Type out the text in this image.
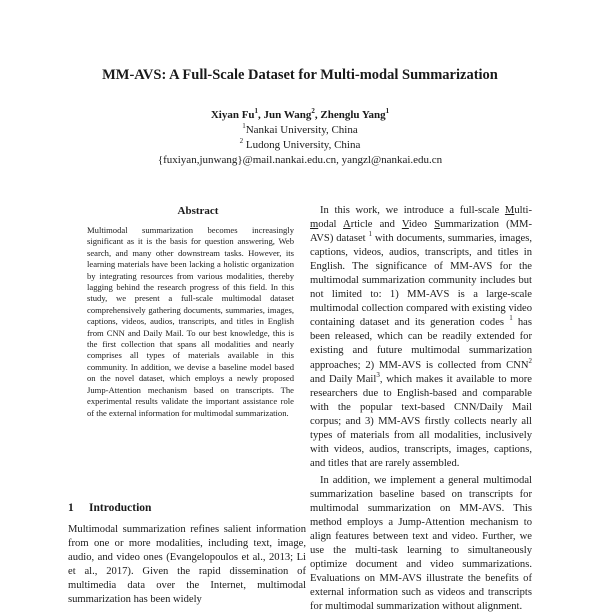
MM-AVS: A Full-Scale Dataset for Multi-modal Summarization
Xiyan Fu$^1$, Jun Wang$^2$, Zhenglu Yang$^1$
$^1$Nankai University, China
$^2$ Ludong University, China
{fuxiyan,junwang}@mail.nankai.edu.cn, yangzl@nankai.edu.cn
Abstract
Multimodal summarization becomes increasingly significant as it is the basis for question answering, Web search, and many other downstream tasks. However, its learning materials have been lacking a holistic organization by integrating resources from various modalities, thereby lagging behind the research progress of this field. In this study, we present a full-scale multimodal dataset comprehensively gathering documents, summaries, images, captions, videos, audios, transcripts, and titles in English from CNN and Daily Mail. To our best knowledge, this is the first collection that spans all modalities and nearly comprises all types of materials available in this community. In addition, we devise a baseline model based on the novel dataset, which employs a newly proposed Jump-Attention mechanism based on transcripts. The experimental results validate the important assistance role of the external information for multimodal summarization.
1 Introduction
Multimodal summarization refines salient information from one or more modalities, including text, image, audio, and video ones (Evangelopoulos et al., 2013; Li et al., 2017). Given the rapid dissemination of multimedia data over the Internet, multimodal summarization has been widely

In this work, we introduce a full-scale Multi-modal Article and Video Summarization (MM-AVS) dataset $^1$ with documents, summaries, images, captions, videos, audios, transcripts, and titles in English. The significance of MM-AVS for the multimodal summarization community includes but not limited to: 1) MM-AVS is a large-scale multimodal collection compared with existing video containing dataset and its generation codes $^1$ has been released, which can be readily extended for existing and future multimodal summarization approaches; 2) MM-AVS is collected from CNN$^2$ and Daily Mail$^3$, which makes it available to more researchers due to English-based and comparable with the popular text-based CNN/Daily Mail corpus; and 3) MM-AVS firstly collects nearly all types of materials from all modalities, inclusively with videos, audios, transcripts, images, captions, and titles that are rarely assembled.

In addition, we implement a general multimodal summarization baseline based on transcripts for multimodal summarization on MM-AVS. This method employs a Jump-Attention mechanism to align features between text and video. Further, we use the multi-task learning to simultaneously optimize document and video summarizations. Evaluations on MM-AVS illustrate the benefits of external information such as videos and transcripts for multimodal summarization without alignment.
